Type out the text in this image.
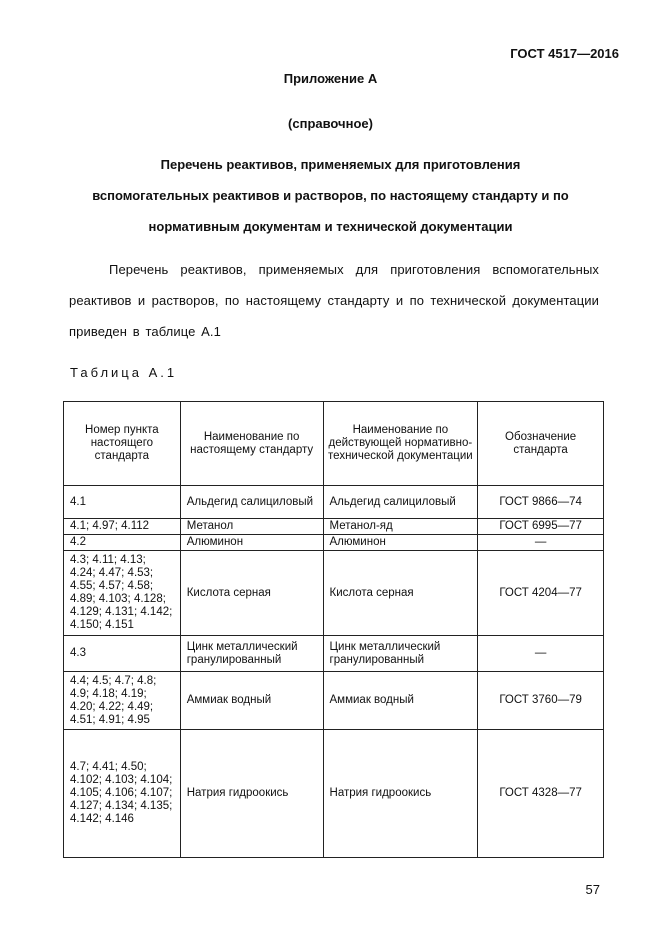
ГОСТ 4517—2016
Приложение А
(справочное)
Перечень реактивов, применяемых для приготовления
вспомогательных реактивов и растворов, по настоящему стандарту и по
нормативным документам и технической документации
Перечень реактивов, применяемых для приготовления вспомогательных реактивов и растворов, по настоящему стандарту и по технической документации приведен в таблице А.1
Таблица А.1
Номер пункта настоящего стандарта	Наименование по настоящему стандарту	Наименование по действующей нормативно-технической документации	Обозначение стандарта
4.1	Альдегид салициловый	Альдегид салициловый	ГОСТ 9866—74
4.1; 4.97; 4.112	Метанол	Метанол-яд	ГОСТ 6995—77
4.2	Алюминон	Алюминон	—
4.3; 4.11; 4.13; 4.24; 4.47; 4.53; 4.55; 4.57; 4.58; 4.89; 4.103; 4.128; 4.129; 4.131; 4.142; 4.150; 4.151	Кислота серная	Кислота серная	ГОСТ 4204—77
4.3	Цинк металлический гранулированный	Цинк металлический гранулированный	—
4.4; 4.5; 4.7; 4.8; 4.9; 4.18; 4.19; 4.20; 4.22; 4.49; 4.51; 4.91; 4.95	Аммиак водный	Аммиак водный	ГОСТ 3760—79
4.7; 4.41; 4.50; 4.102; 4.103; 4.104; 4.105; 4.106; 4.107; 4.127; 4.134; 4.135; 4.142; 4.146	Натрия гидроокись	Натрия гидроокись	ГОСТ 4328—77
57
